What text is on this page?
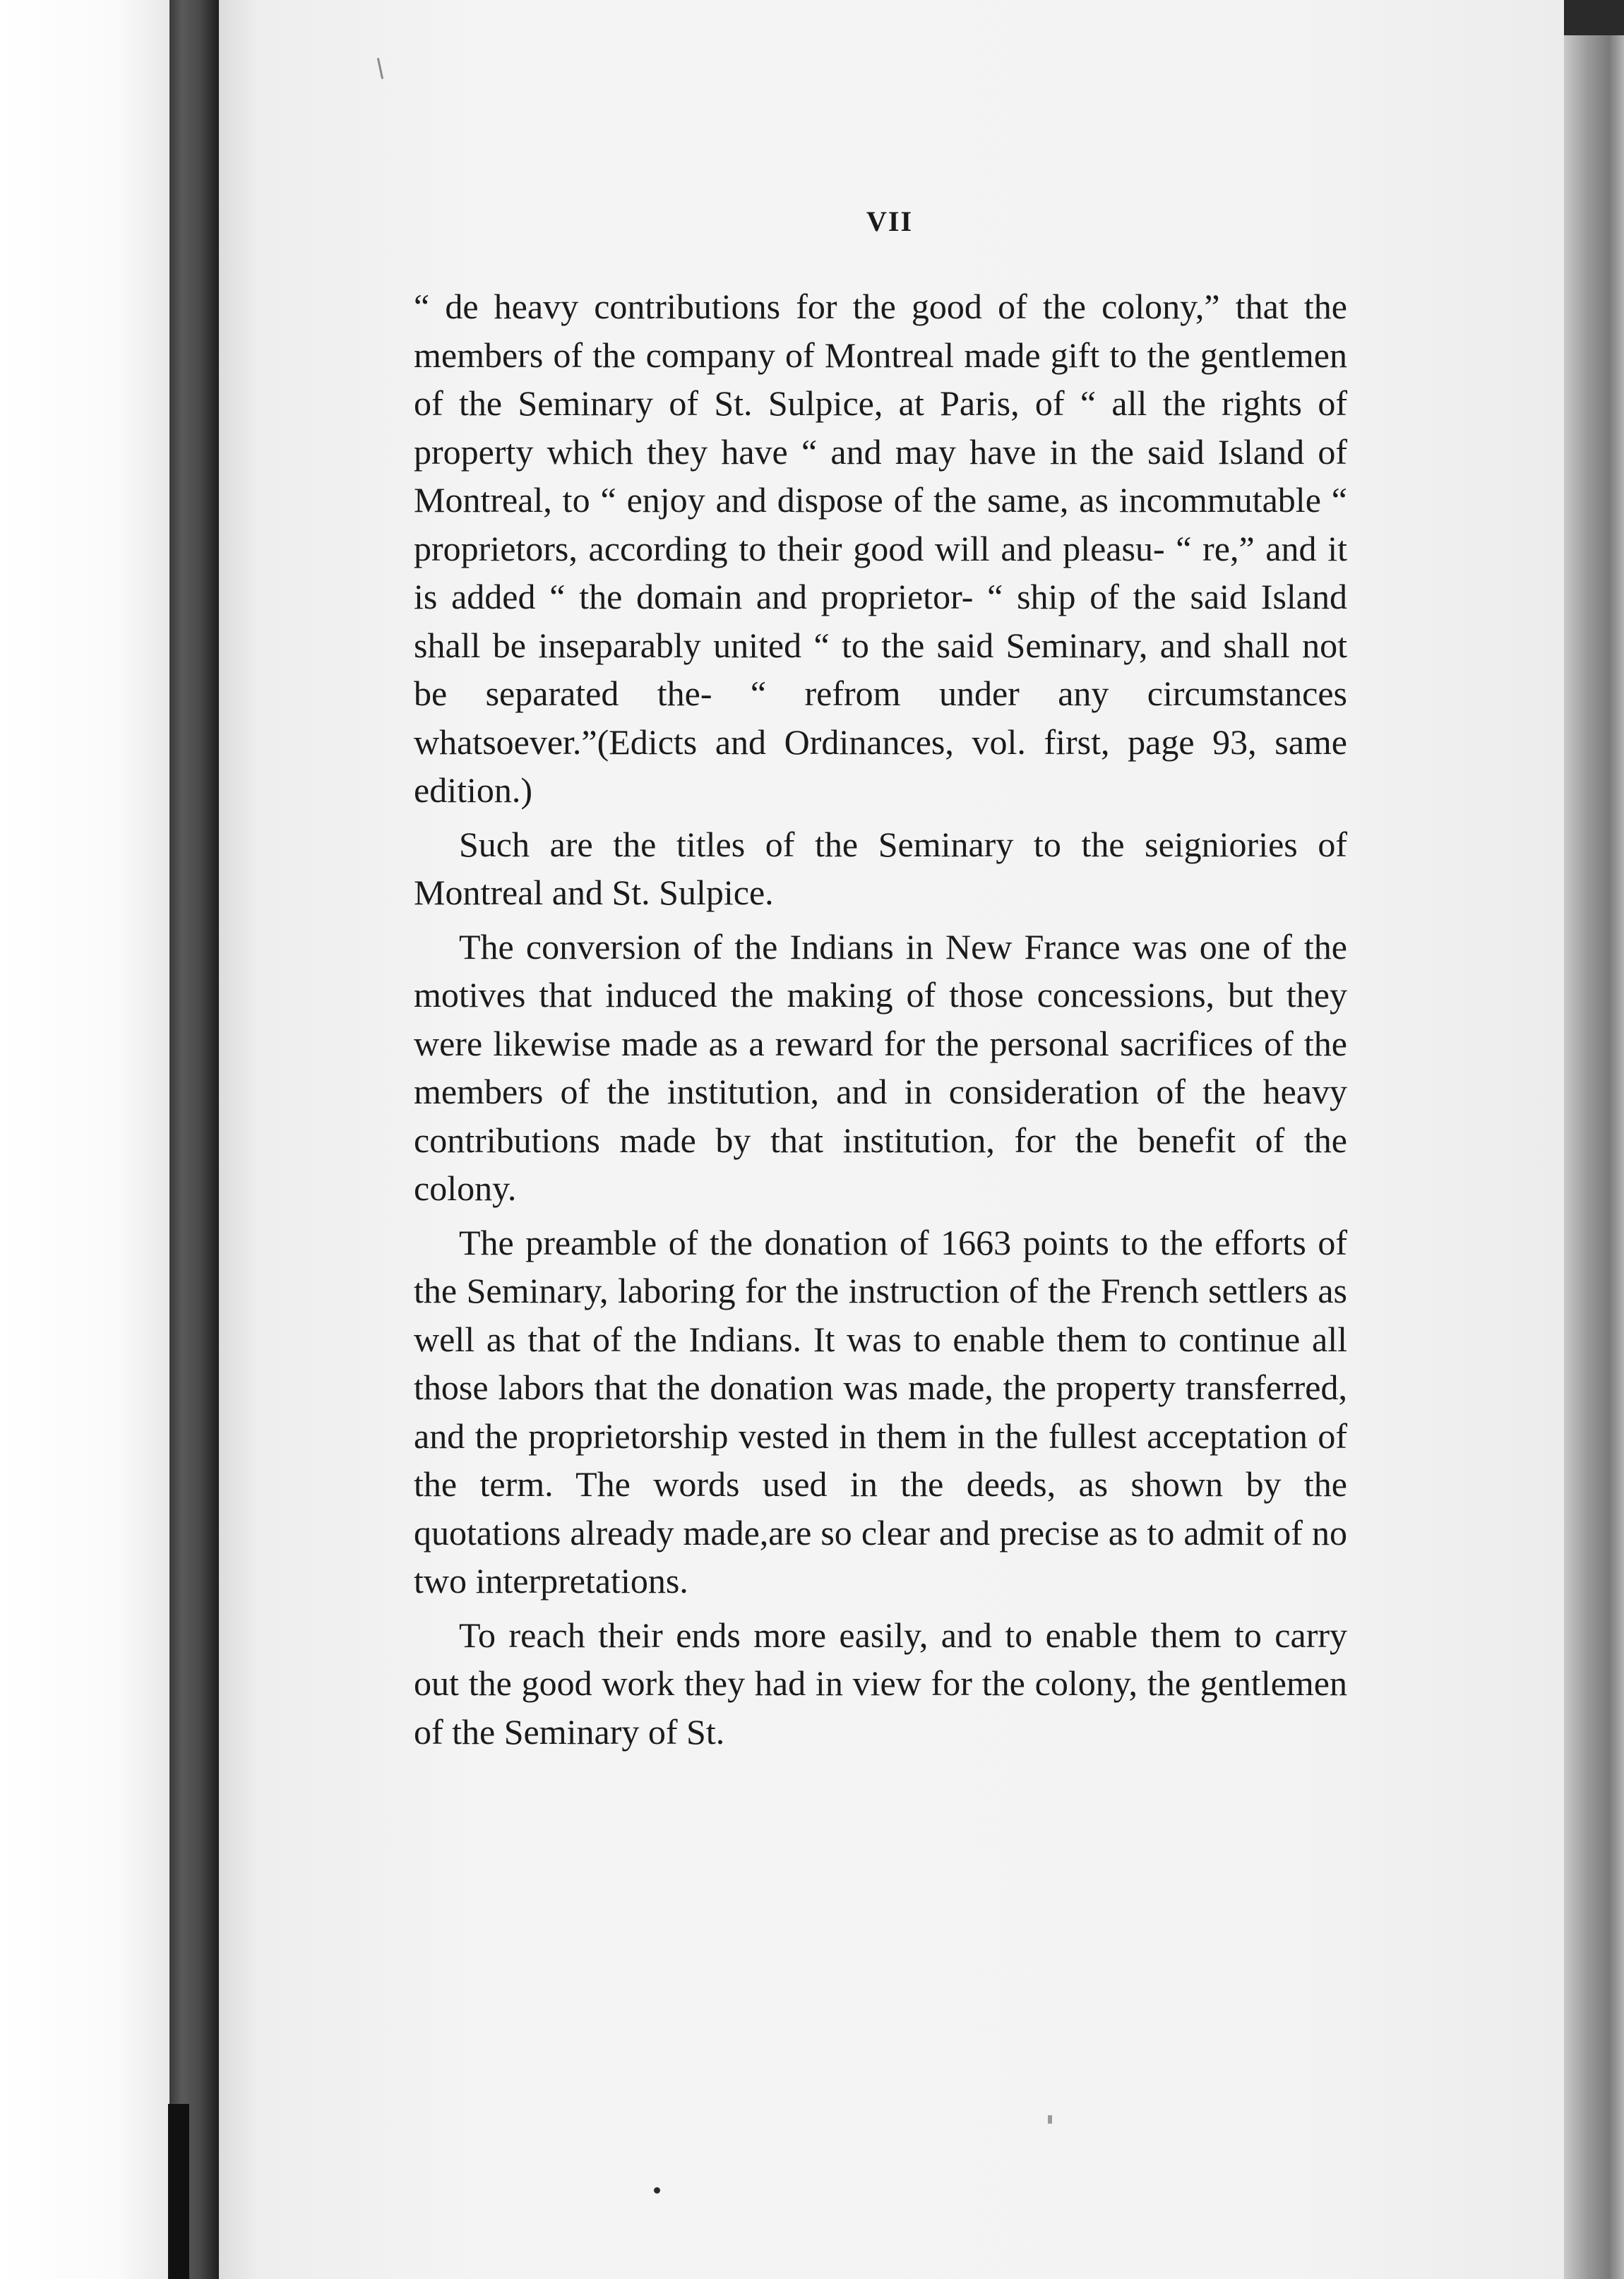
VII

“ de heavy contributions for the good of the colony,” that the members of the company of Montreal made gift to the gentlemen of the Seminary of St. Sulpice, at Paris, of “ all the rights of property which they have “ and may have in the said Island of Montreal, to “ enjoy and dispose of the same, as incommutable “ proprietors, according to their good will and pleasu- “ re,” and it is added “ the domain and proprietor- “ ship of the said Island shall be inseparably united “ to the said Seminary, and shall not be separated the- “ refrom under any circumstances whatsoever.”(Edicts and Ordinances, vol. first, page 93, same edition.)

Such are the titles of the Seminary to the seigniories of Montreal and St. Sulpice.

The conversion of the Indians in New France was one of the motives that induced the making of those concessions, but they were likewise made as a reward for the personal sacrifices of the members of the institution, and in consideration of the heavy contributions made by that institution, for the benefit of the colony.

The preamble of the donation of 1663 points to the efforts of the Seminary, laboring for the instruction of the French settlers as well as that of the Indians. It was to enable them to continue all those labors that the donation was made, the property transferred, and the proprietorship vested in them in the fullest acceptation of the term. The words used in the deeds, as shown by the quotations already made,are so clear and precise as to admit of no two interpretations.

To reach their ends more easily, and to enable them to carry out the good work they had in view for the colony, the gentlemen of the Seminary of St.
